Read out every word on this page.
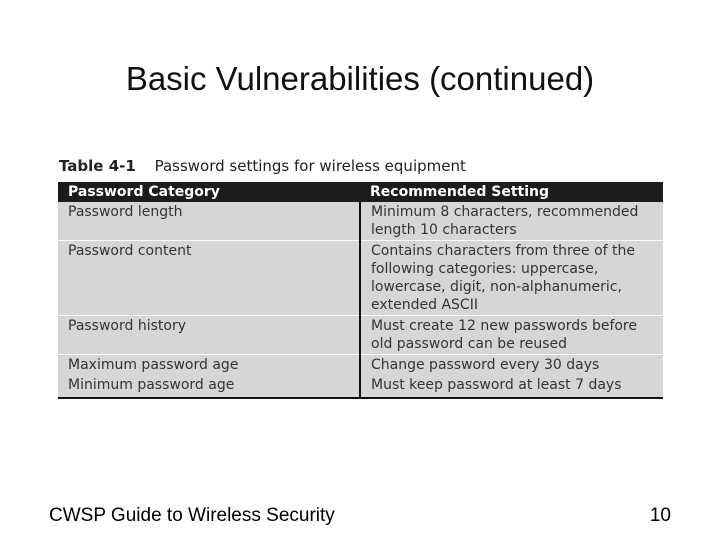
Basic Vulnerabilities (continued)
Table 4-1 Password settings for wireless equipment
Password Category	Recommended Setting
Password length	Minimum 8 characters, recommended length 10 characters
Password content	Contains characters from three of the following categories: uppercase, lowercase, digit, non-alphanumeric, extended ASCII
Password history	Must create 12 new passwords before old password can be reused
Maximum password age	Change password every 30 days
Minimum password age	Must keep password at least 7 days
CWSP Guide to Wireless Security	10
